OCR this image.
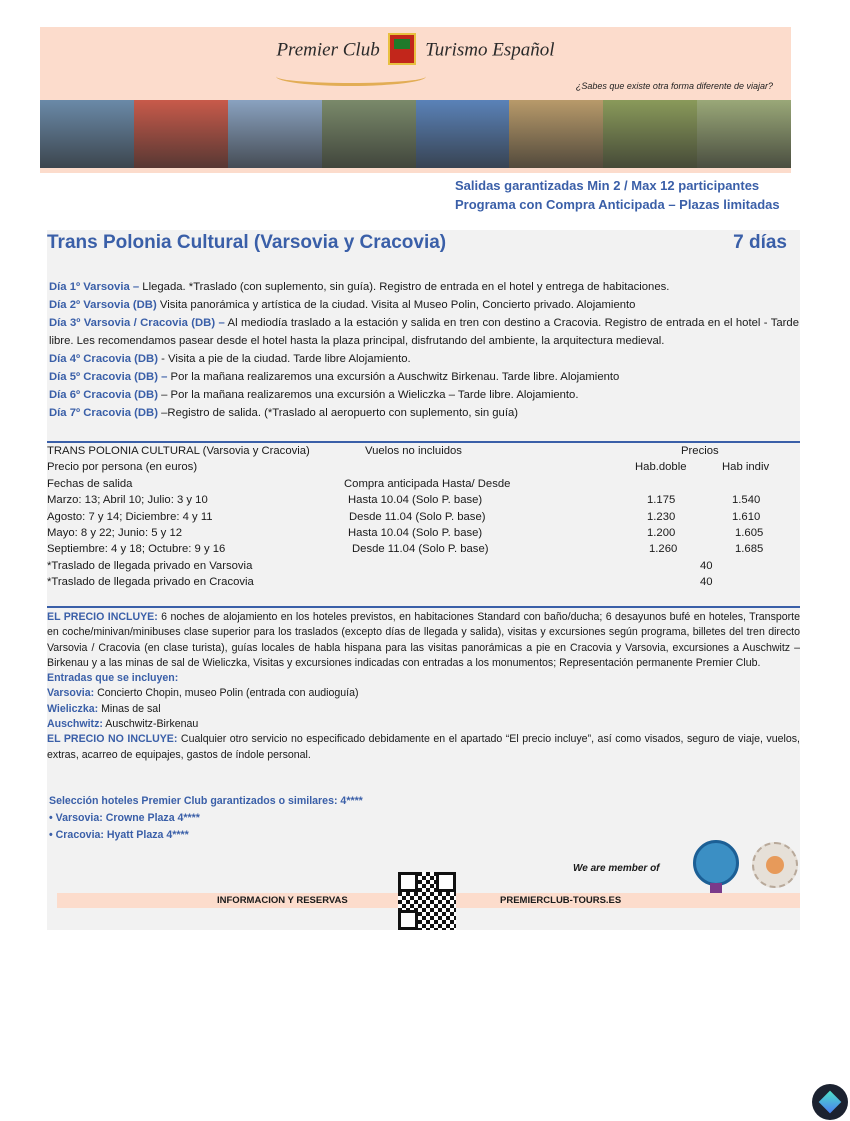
Premier Club Turismo Español
¿Sabes que existe otra forma diferente de viajar?
Salidas garantizadas Min 2 / Max 12 participantes
Programa con Compra Anticipada – Plazas limitadas
Trans Polonia Cultural (Varsovia y Cracovia)	7 días

Día 1º Varsovia – Llegada. *Traslado (con suplemento, sin guía). Registro de entrada en el hotel y entrega de habitaciones.

Día 2º Varsovia (DB) Visita panorámica y artística de la ciudad. Visita al Museo Polin, Concierto privado. Alojamiento

Día 3º Varsovia / Cracovia (DB) – Al mediodía traslado a la estación y salida en tren con destino a Cracovia. Registro de entrada en el hotel - Tarde libre. Les recomendamos pasear desde el hotel hasta la plaza principal, disfrutando del ambiente, la arquitectura medieval.

Día 4º Cracovia (DB) - Visita a pie de la ciudad. Tarde libre Alojamiento.

Día 5º Cracovia (DB) – Por la mañana realizaremos una excursión a Auschwitz Birkenau. Tarde libre. Alojamiento

Día 6º Cracovia (DB) – Por la mañana realizaremos una excursión a Wieliczka – Tarde libre. Alojamiento.

Día 7º Cracovia (DB) –Registro de salida. (*Traslado al aeropuerto con suplemento, sin guía)

TRANS POLONIA CULTURAL (Varsovia y Cracovia)	Vuelos no incluidos	Precios
Precio por persona (en euros)	Hab.doble	Hab indiv
Fechas de salida	Compra anticipada Hasta/ Desde
Marzo: 13; Abril 10; Julio: 3 y 10	Hasta 10.04 (Solo P. base)	1.175	1.540
Agosto: 7 y 14; Diciembre: 4 y 11	Desde 11.04 (Solo P. base)	1.230	1.610
Mayo: 8 y 22; Junio: 5 y 12	Hasta 10.04 (Solo P. base)	1.200	1.605
Septiembre: 4 y 18; Octubre: 9 y 16	Desde 11.04 (Solo P. base)	1.260	1.685
*Traslado de llegada privado en Varsovia	40
*Traslado de llegada privado en Cracovia	40

EL PRECIO INCLUYE: 6 noches de alojamiento en los hoteles previstos, en habitaciones Standard con baño/ducha; 6 desayunos bufé en hoteles, Transporte en coche/minivan/minibuses clase superior para los traslados (excepto días de llegada y salida), visitas y excursiones según programa, billetes del tren directo Varsovia / Cracovia (en clase turista), guías locales de habla hispana para las visitas panorámicas a pie en Cracovia y Varsovia, excursiones a Auschwitz – Birkenau y a las minas de sal de Wieliczka, Visitas y excursiones indicadas con entradas a los monumentos; Representación permanente Premier Club.

Entradas que se incluyen:

Varsovia: Concierto Chopin, museo Polin (entrada con audioguía)

Wieliczka: Minas de sal

Auschwitz: Auschwitz-Birkenau

EL PRECIO NO INCLUYE: Cualquier otro servicio no especificado debidamente en el apartado “El precio incluye”, así como visados, seguro de viaje, vuelos, extras, acarreo de equipajes, gastos de índole personal.

Selección hoteles Premier Club garantizados o similares: 4****
• Varsovia: Crowne Plaza 4****
• Cracovia: Hyatt Plaza 4****
We are member of
INFORMACION Y RESERVAS	PREMIERCLUB-TOURS.ES
